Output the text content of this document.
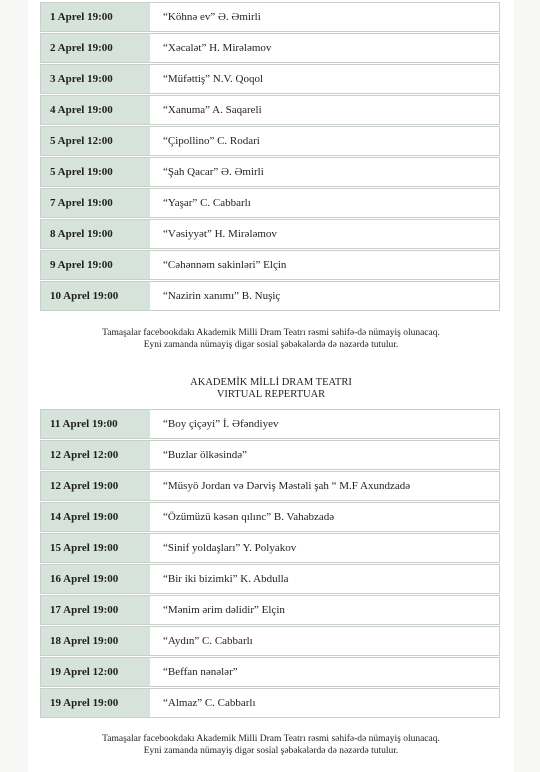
1 Aprel 19:00	“Köhnə ev” Ə. Əmirli
2 Aprel 19:00	“Xəcalət” H. Mirələmov
3 Aprel 19:00	“Müfəttiş” N.V. Qoqol
4 Aprel 19:00	“Xanuma” A. Saqareli
5 Aprel 12:00	“Çipollino” C. Rodari
5 Aprel 19:00	“Şah Qacar” Ə. Əmirli
7 Aprel 19:00	“Yaşar” C. Cabbarlı
8 Aprel 19:00	“Vəsiyyət” H. Mirələmov
9 Aprel 19:00	“Cəhənnəm sakinləri” Elçin
10 Aprel 19:00	“Nazirin xanımı” B. Nuşiç
Tamaşalar facebookdakı Akademik Milli Dram Teatrı rəsmi səhifə-də nümayiş olunacaq.
Eyni zamanda nümayiş digər sosial şəbəkələrdə də nəzərdə tutulur.
AKADEMİK MİLLİ DRAM TEATRI
VIRTUAL REPERTUAR
11 Aprel 19:00	“Boy çiçəyi” İ. Əfəndiyev
12 Aprel 12:00	“Buzlar ölkəsində”
12 Aprel 19:00	“Müsyö Jordan və Dərviş Məstəli şah “ M.F Axundzadə
14 Aprel 19:00	“Özümüzü kəsən qılınc” B. Vahabzadə
15 Aprel 19:00	“Sinif yoldaşları” Y. Polyakov
16 Aprel 19:00	“Bir iki bizimki” K. Abdulla
17 Aprel 19:00	“Mənim ərim dəlidir” Elçin
18 Aprel 19:00	“Aydın” C. Cabbarlı
19 Aprel 12:00	“Beffan nənələr”
19 Aprel 19:00	“Almaz” C. Cabbarlı
Tamaşalar facebookdakı Akademik Milli Dram Teatrı rəsmi səhifə-də nümayiş olunacaq.
Eyni zamanda nümayiş digər sosial şəbəkələrdə də nəzərdə tutulur.
